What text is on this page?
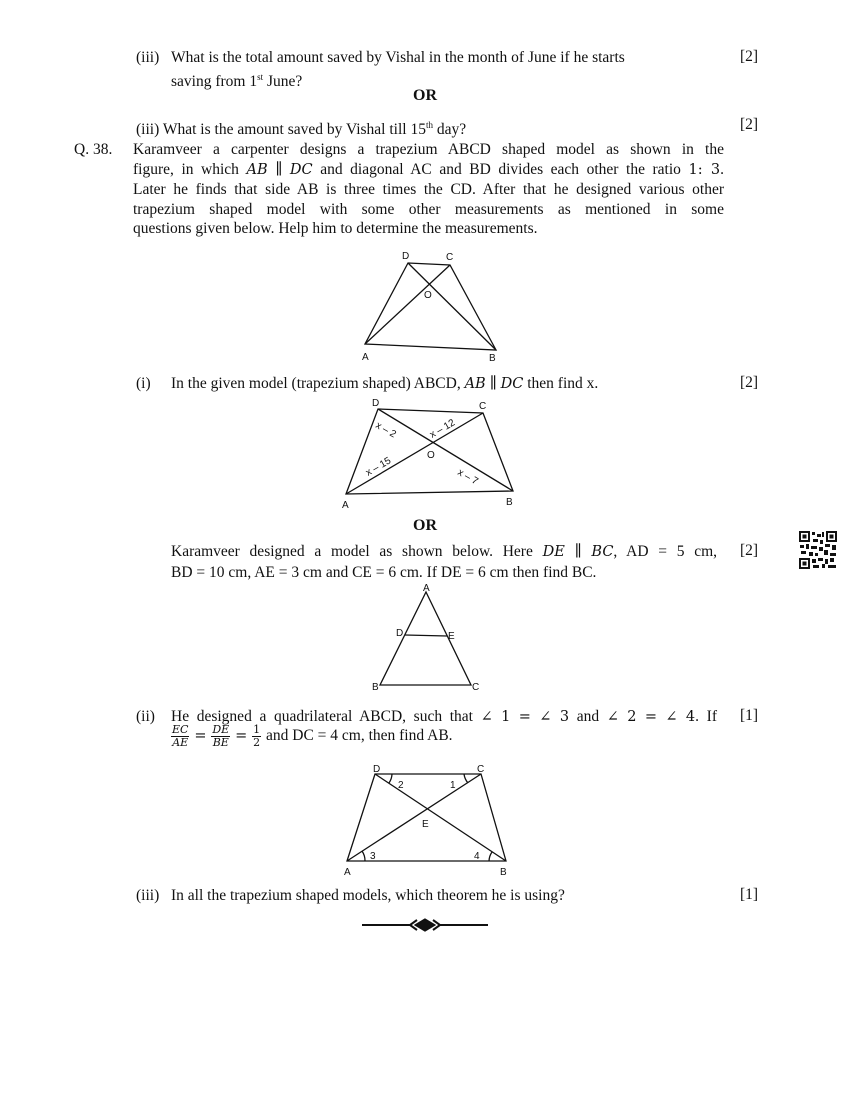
(iii) What is the total amount saved by Vishal in the month of June if he starts
saving from 1st June?
[2]
OR
(iii) What is the amount saved by Vishal till 15th day?	[2]
Q. 38. Karamveer a carpenter designs a trapezium ABCD shaped model as shown in the
figure, in which AB ∥ DC and diagonal AC and BD divides each other the ratio 1: 3.
Later he finds that side AB is three times the CD. After that he designed various other
trapezium shaped model with some other measurements as mentioned in some
questions given below. Help him to determine the measurements.
D	C
O
A	B
(i) In the given model (trapezium shaped) ABCD, AB ∥ DC then find x.	[2]
D	C
O
A	B
x – 2	x – 12
x – 15	x – 7
OR
Karamveer designed a model as shown below. Here DE ∥ BC, AD = 5 cm,
BD = 10 cm, AE = 3 cm and CE = 6 cm. If DE = 6 cm then find BC.
[2]
A
D	E
B	C
(ii) He designed a quadrilateral ABCD, such that ∠ 1 = ∠ 3 and ∠ 2 = ∠ 4. If
$\frac{EC}{AE} = \frac{DE}{BE} = \frac{1}{2}$ and DC = 4 cm, then find AB.
[1]
D	C
E
A	B
2	1
3	4
(iii) In all the trapezium shaped models, which theorem he is using?	[1]
